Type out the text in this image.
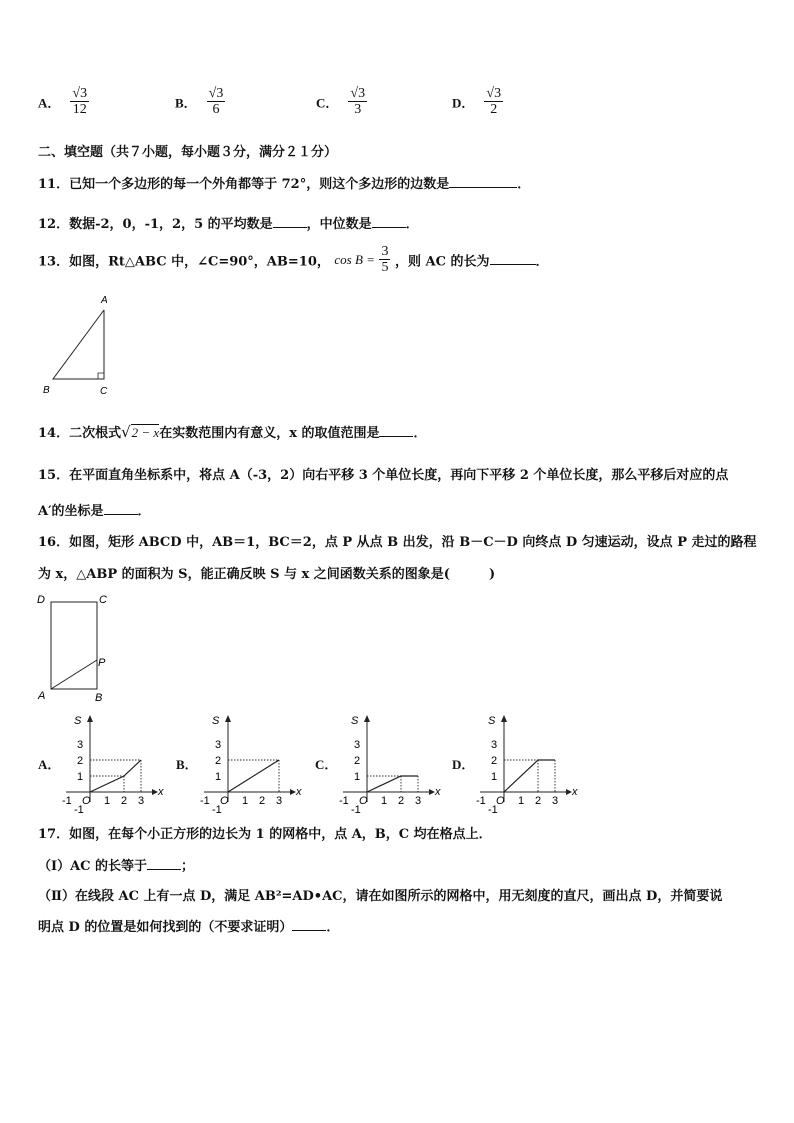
A． $\frac{√3}{12}$	B． $\frac{√3}{6}$	C． $\frac{√3}{3}$	D． $\frac{√3}{2}$
二、填空题（共７小题，每小题３分，满分２１分）
11．已知一个多边形的每一个外角都等于 72°，则这个多边形的边数是	．
12．数据-2，0，-1，2，5 的平均数是	，中位数是	．
13．如图，Rt△ABC 中，∠C=90°，AB=10， $\cos B = \frac{3}{5}$ ，则 AC 的长为	．
A
B	C
14．二次根式√2 − x在实数范围内有意义，x 的取值范围是	．
15．在平面直角坐标系中，将点 A（-3，2）向右平移 3 个单位长度，再向下平移 2 个单位长度，那么平移后对应的点
A′的坐标是	．
16．如图，矩形 ABCD 中，AB＝1，BC＝2，点 P 从点 B 出发，沿 B－C－D 向终点 D 匀速运动，设点 P 走过的路程
为 x，△ABP 的面积为 S，能正确反映 S 与 x 之间函数关系的图象是(　　　)
D	C
A	B
P
A．
S
x
O
-1
-1
1 2 3
1
2
3
B．
S
x
O
-1
-1
1 2 3
1
2
3
C．
S
x
O
-1
-1
1 2 3
1
2
3
D．
S
x
O
-1
-1
1 2 3
1
2
3
17．如图，在每个小正方形的边长为 1 的网格中，点 A，B，C 均在格点上．
（Ⅰ）AC 的长等于	；
（Ⅱ）在线段 AC 上有一点 D，满足 AB²=AD•AC，请在如图所示的网格中，用无刻度的直尺，画出点 D，并简要说
明点 D 的位置是如何找到的（不要求证明）	．
